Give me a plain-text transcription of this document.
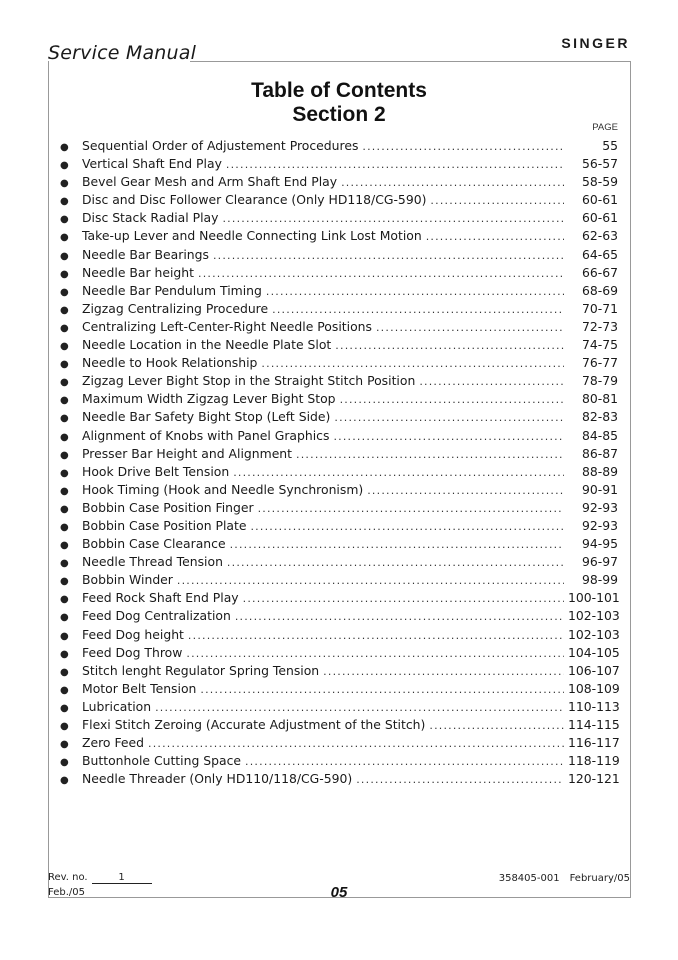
Service Manual	SINGER
Table of Contents
Section 2
PAGE
●	Sequential Order of Adjustement Procedures .....	55
●	Vertical Shaft End Play .....	56-57
●	Bevel Gear Mesh and Arm Shaft End Play .....	58-59
●	Disc and Disc Follower Clearance (Only HD118/CG-590) .....	60-61
●	Disc Stack Radial Play .....	60-61
●	Take-up Lever and Needle Connecting Link Lost Motion .....	62-63
●	Needle Bar Bearings .....	64-65
●	Needle Bar height .....	66-67
●	Needle Bar Pendulum Timing .....	68-69
●	Zigzag Centralizing Procedure .....	70-71
●	Centralizing Left-Center-Right Needle Positions .....	72-73
●	Needle Location in the Needle Plate Slot .....	74-75
●	Needle to Hook Relationship .....	76-77
●	Zigzag Lever Bight Stop in the Straight Stitch Position .....	78-79
●	Maximum Width Zigzag Lever Bight Stop .....	80-81
●	Needle Bar Safety Bight Stop (Left Side) .....	82-83
●	Alignment of Knobs with Panel Graphics .....	84-85
●	Presser Bar Height and Alignment .....	86-87
●	Hook Drive Belt Tension .....	88-89
●	Hook Timing (Hook and Needle Synchronism) .....	90-91
●	Bobbin Case Position Finger .....	92-93
●	Bobbin Case Position Plate .....	92-93
●	Bobbin Case Clearance .....	94-95
●	Needle Thread Tension .....	96-97
●	Bobbin Winder .....	98-99
●	Feed Rock Shaft End Play .....	100-101
●	Feed Dog Centralization .....	102-103
●	Feed Dog height .....	102-103
●	Feed Dog Throw .....	104-105
●	Stitch lenght Regulator Spring Tension .....	106-107
●	Motor Belt Tension .....	108-109
●	Lubrication .....	110-113
●	Flexi Stitch Zeroing (Accurate Adjustment of the Stitch) .....	114-115
●	Zero Feed .....	116-117
●	Buttonhole Cutting Space .....	118-119
●	Needle Threader (Only HD110/118/CG-590) .....	120-121
Rev. no.	1
Feb./05	05
358405-001 February/05
